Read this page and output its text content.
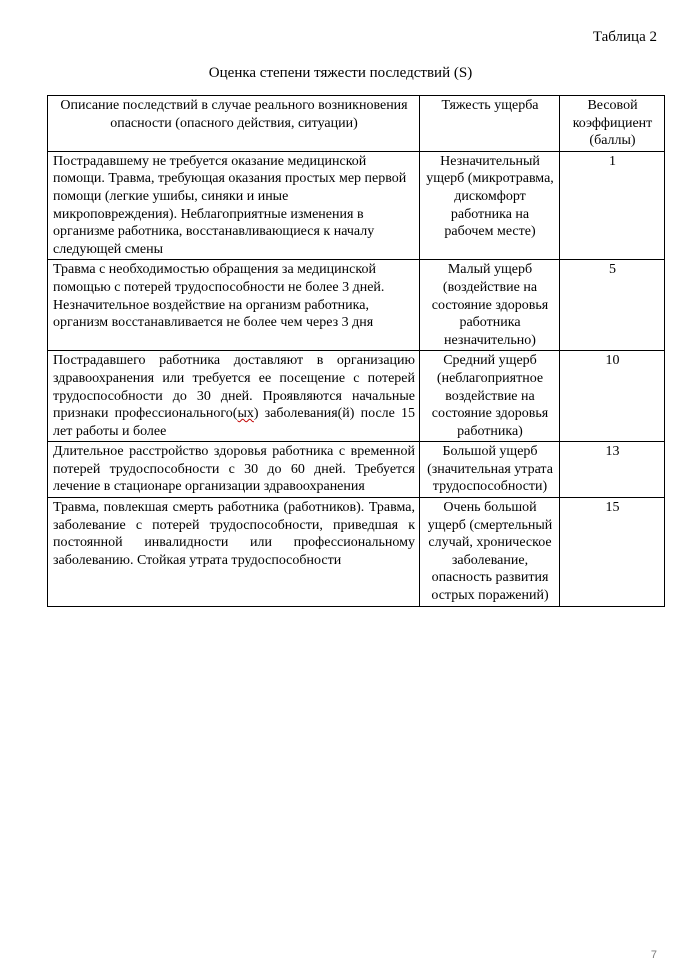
Таблица 2
Оценка степени тяжести последствий (S)
Описание последствий в случае реального возникновения опасности (опасного действия, ситуации)	Тяжесть ущерба	Весовой коэффициент (баллы)
Пострадавшему не требуется оказание медицинской помощи. Травма, требующая оказания простых мер первой помощи (легкие ушибы, синяки и иные микроповреждения). Неблагоприятные изменения в организме работника, восстанавливающиеся к началу следующей смены	Незначительный ущерб (микротравма, дискомфорт работника на рабочем месте)	1
Травма с необходимостью обращения за медицинской помощью с потерей трудоспособности не более 3 дней. Незначительное воздействие на организм работника, организм восстанавливается не более чем через 3 дня	Малый ущерб (воздействие на состояние здоровья работника незначительно)	5
Пострадавшего работника доставляют в организацию здравоохранения или требуется ее посещение с потерей трудоспособности до 30 дней. Проявляются начальные признаки профессионального(ых) заболевания(й) после 15 лет работы и более	Средний ущерб (неблагоприятное воздействие на состояние здоровья работника)	10
Длительное расстройство здоровья работника с временной потерей трудоспособности с 30 до 60 дней. Требуется лечение в стационаре организации здравоохранения	Большой ущерб (значительная утрата трудоспособности)	13
Травма, повлекшая смерть работника (работников). Травма, заболевание с потерей трудоспособности, приведшая к постоянной инвалидности или профессиональному заболеванию. Стойкая утрата трудоспособности	Очень большой ущерб (смертельный случай, хроническое заболевание, опасность развития острых поражений)	15
7
